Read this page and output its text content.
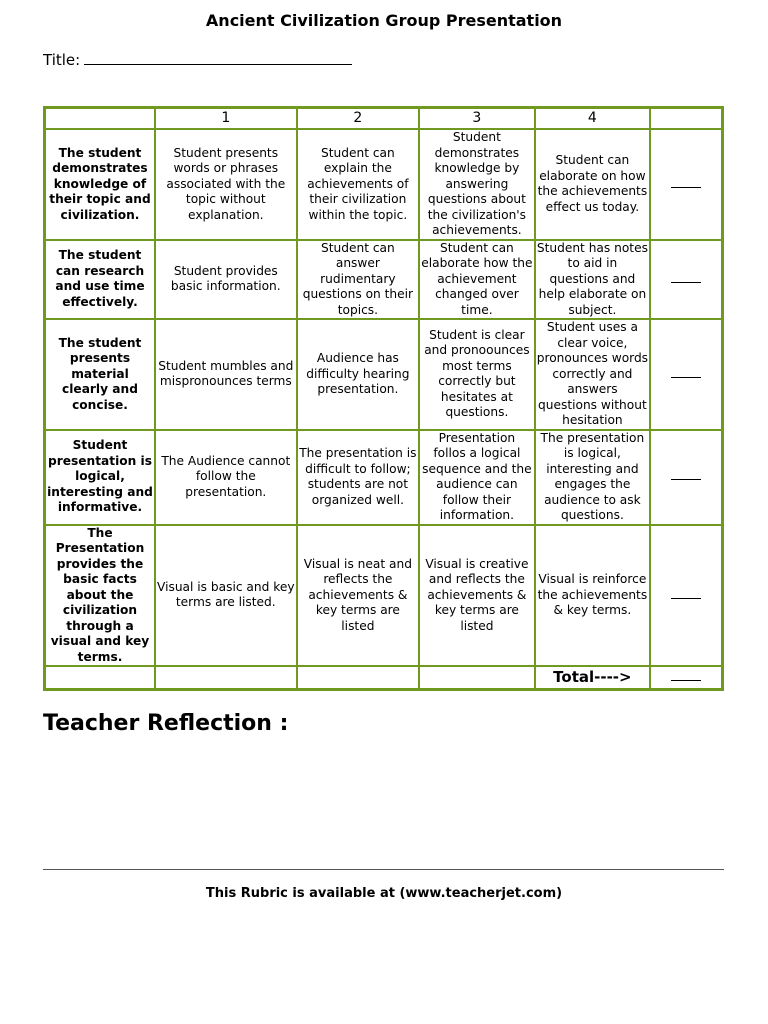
Ancient Civilization Group Presentation
Title:
	1	2	3	4	
The student demonstrates knowledge of their topic and civilization.	Student presents words or phrases associated with the topic without explanation.	Student can explain the achievements of their civilization within the topic.	Student demonstrates knowledge by answering questions about the civilization's achievements.	Student can elaborate on how the achievements effect us today.	
The student can research and use time effectively.	Student provides basic information.	Student can answer rudimentary questions on their topics.	Student can elaborate how the achievement changed over time.	Student has notes to aid in questions and help elaborate on subject.	
The student presents material clearly and concise.	Student mumbles and mispronounces terms	Audience has difficulty hearing presentation.	Student is clear and pronoounces most terms correctly but hesitates at questions.	Student uses a clear voice, pronounces words correctly and answers questions without hesitation	
Student presentation is logical, interesting and informative.	The Audience cannot follow the presentation.	The presentation is difficult to follow; students are not organized well.	Presentation follos a logical sequence and the audience can follow their information.	The presentation is logical, interesting and engages the audience to ask questions.	
The Presentation provides the basic facts about the civilization through a visual and key terms.	Visual is basic and key terms are listed.	Visual is neat and reflects the achievements & key terms are listed	Visual is creative and reflects the achievements & key terms are listed	Visual is reinforce the achievements & key terms.	
				Total---->	
Teacher Reflection :
This Rubric is available at (www.teacherjet.com)
